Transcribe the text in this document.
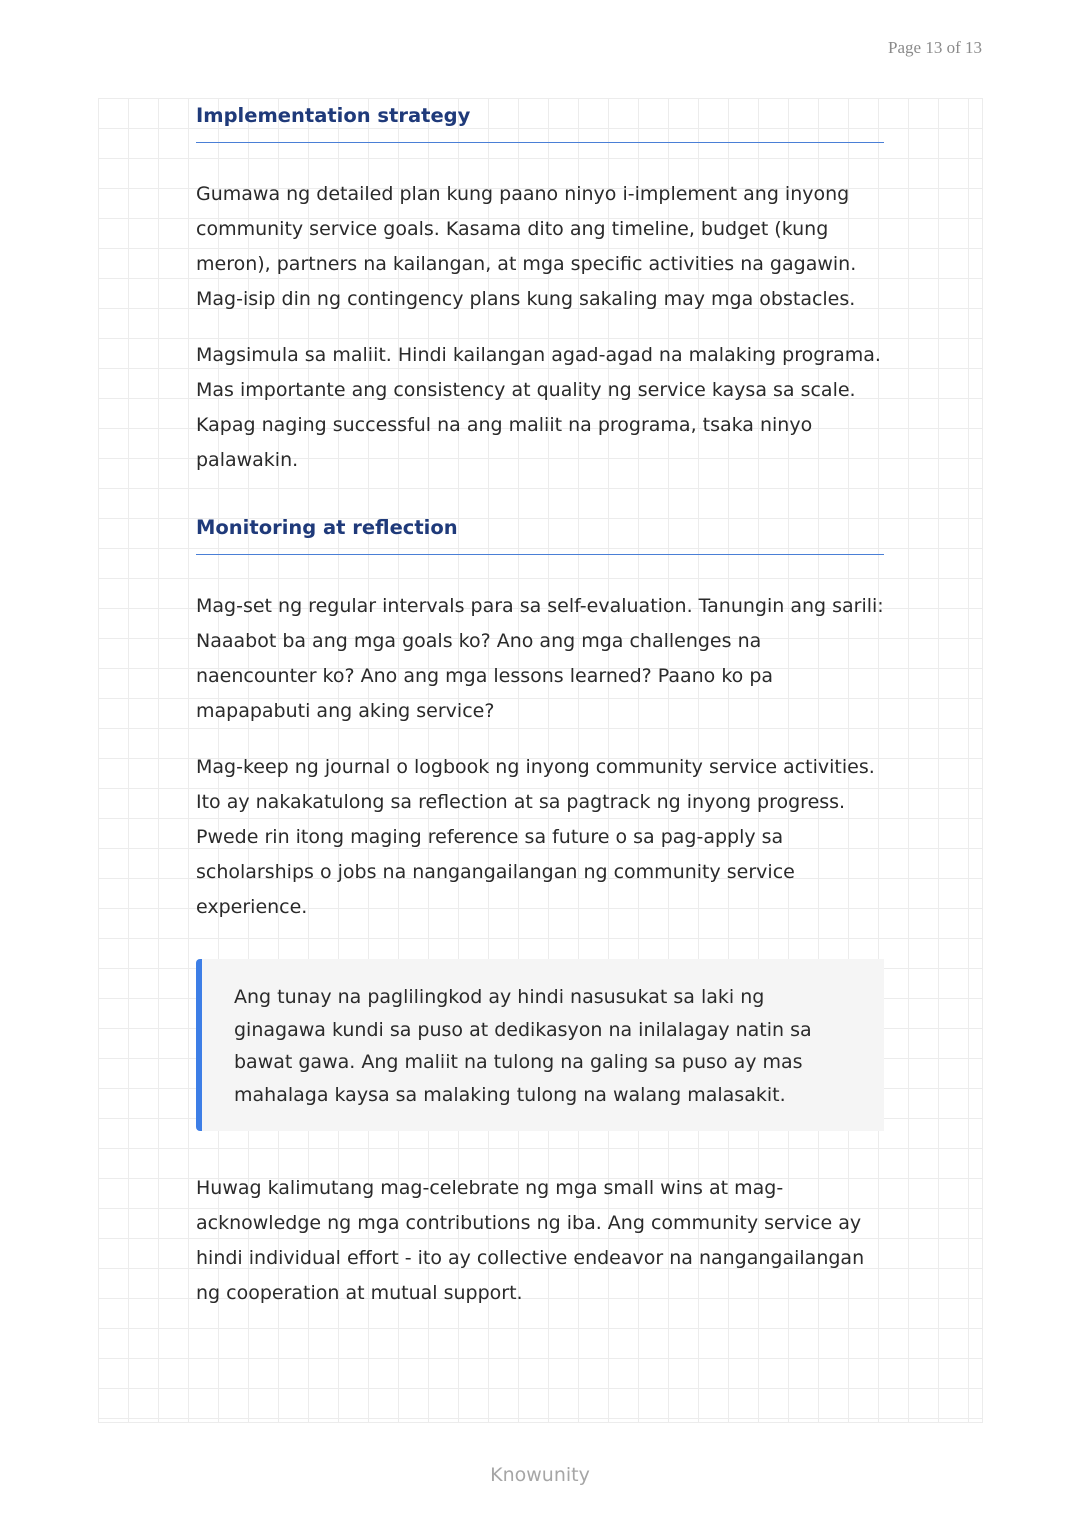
Page 13 of 13
Implementation strategy

Gumawa ng detailed plan kung paano ninyo i-implement ang inyong community service goals. Kasama dito ang timeline, budget (kung meron), partners na kailangan, at mga specific activities na gagawin. Mag-isip din ng contingency plans kung sakaling may mga obstacles.

Magsimula sa maliit. Hindi kailangan agad-agad na malaking programa. Mas importante ang consistency at quality ng service kaysa sa scale. Kapag naging successful na ang maliit na programa, tsaka ninyo palawakin.

Monitoring at reflection

Mag-set ng regular intervals para sa self-evaluation. Tanungin ang sarili: Naaabot ba ang mga goals ko? Ano ang mga challenges na naencounter ko? Ano ang mga lessons learned? Paano ko pa mapapabuti ang aking service?

Mag-keep ng journal o logbook ng inyong community service activities. Ito ay nakakatulong sa reflection at sa pagtrack ng inyong progress. Pwede rin itong maging reference sa future o sa pag-apply sa scholarships o jobs na nangangailangan ng community service experience.

Ang tunay na paglilingkod ay hindi nasusukat sa laki ng ginagawa kundi sa puso at dedikasyon na inilalagay natin sa bawat gawa. Ang maliit na tulong na galing sa puso ay mas mahalaga kaysa sa malaking tulong na walang malasakit.

Huwag kalimutang mag-celebrate ng mga small wins at mag-acknowledge ng mga contributions ng iba. Ang community service ay hindi individual effort - ito ay collective endeavor na nangangailangan ng cooperation at mutual support.

Knowunity
